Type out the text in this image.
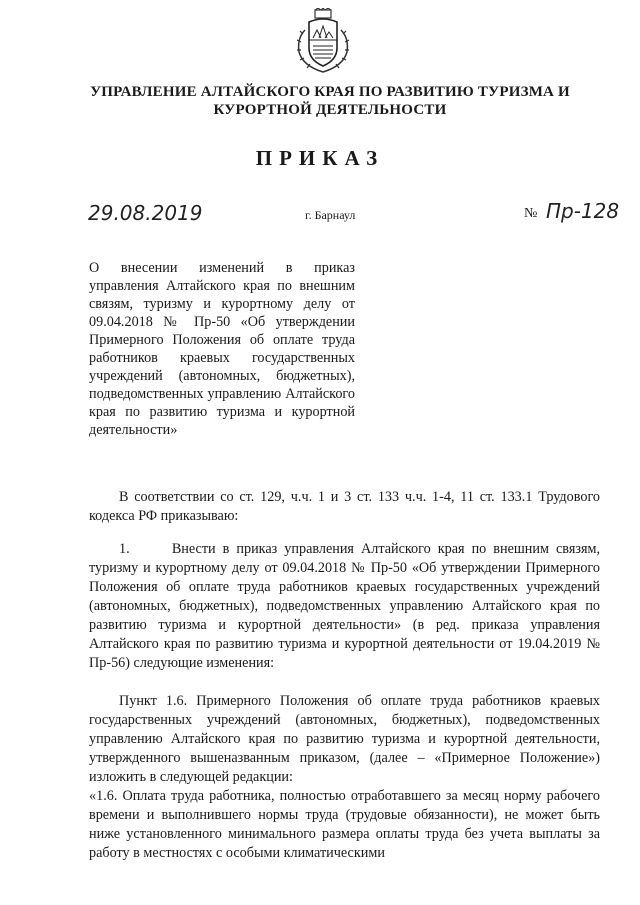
УПРАВЛЕНИЕ АЛТАЙСКОГО КРАЯ ПО РАЗВИТИЮ ТУРИЗМА И
КУРОРТНОЙ ДЕЯТЕЛЬНОСТИ
ПРИКАЗ
29.08.2019	г. Барнаул	№ Пр-128
О внесении изменений в приказ управления Алтайского края по внешним связям, туризму и курортному делу от 09.04.2018 № Пр-50 «Об утверждении Примерного Положения об оплате труда работников краевых государственных учреждений (автономных, бюджетных), подведомственных управлению Алтайского края по развитию туризма и курортной деятельности»
В соответствии со ст. 129, ч.ч. 1 и 3 ст. 133 ч.ч. 1-4, 11 ст. 133.1 Трудового кодекса РФ приказываю:
1.      Внести в приказ управления Алтайского края по внешним связям, туризму и курортному делу от 09.04.2018 № Пр-50 «Об утверждении Примерного Положения об оплате труда работников краевых государственных учреждений (автономных, бюджетных), подведомственных управлению Алтайского края по развитию туризма и курортной деятельности» (в ред. приказа управления Алтайского края по развитию туризма и курортной деятельности от 19.04.2019 № Пр-56) следующие изменения:
Пункт 1.6. Примерного Положения об оплате труда работников краевых государственных учреждений (автономных, бюджетных), подведомственных управлению Алтайского края по развитию туризма и курортной деятельности, утвержденного вышеназванным приказом, (далее – «Примерное Положение») изложить в следующей редакции:
«1.6. Оплата труда работника, полностью отработавшего за месяц норму рабочего времени и выполнившего нормы труда (трудовые обязанности), не может быть ниже установленного минимального размера оплаты труда без учета выплаты за работу в местностях с особыми климатическими
